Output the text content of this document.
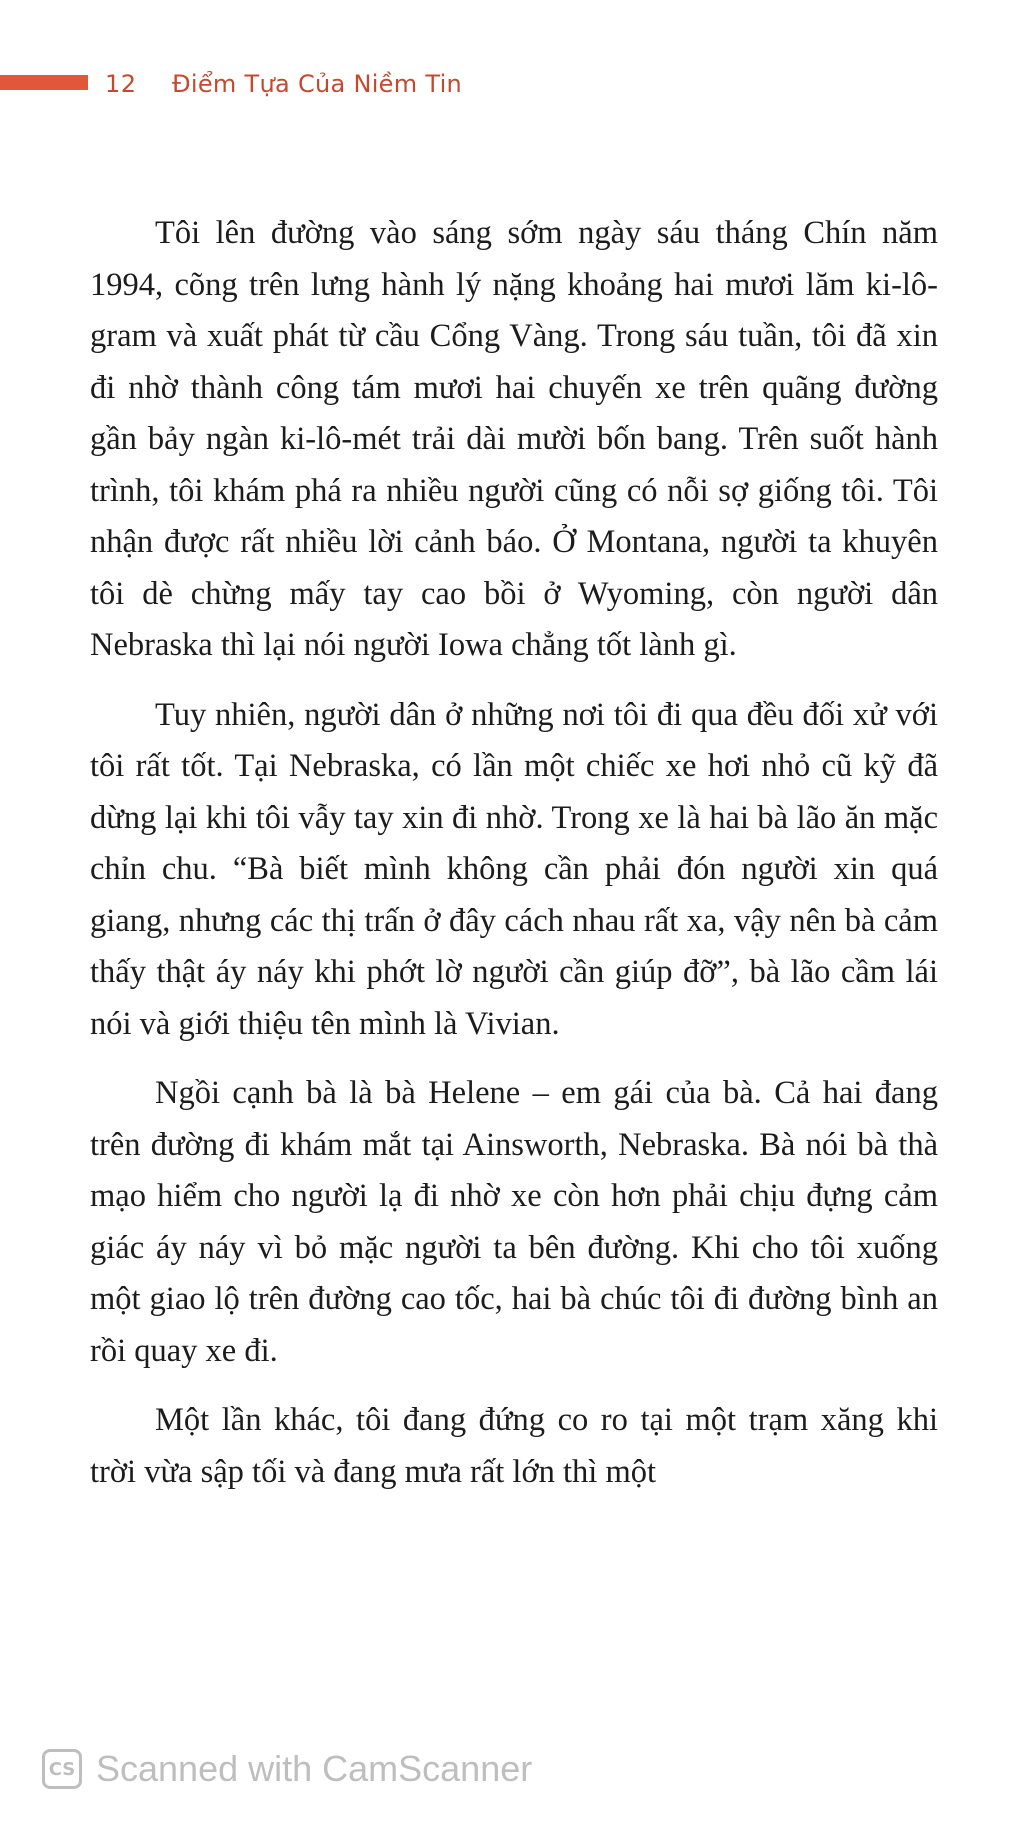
12 Điểm Tựa Của Niềm Tin

Tôi lên đường vào sáng sớm ngày sáu tháng Chín năm 1994, cõng trên lưng hành lý nặng khoảng hai mươi lăm ki-lô-gram và xuất phát từ cầu Cổng Vàng. Trong sáu tuần, tôi đã xin đi nhờ thành công tám mươi hai chuyến xe trên quãng đường gần bảy ngàn ki-lô-mét trải dài mười bốn bang. Trên suốt hành trình, tôi khám phá ra nhiều người cũng có nỗi sợ giống tôi. Tôi nhận được rất nhiều lời cảnh báo. Ở Montana, người ta khuyên tôi dè chừng mấy tay cao bồi ở Wyoming, còn người dân Nebraska thì lại nói người Iowa chẳng tốt lành gì.

Tuy nhiên, người dân ở những nơi tôi đi qua đều đối xử với tôi rất tốt. Tại Nebraska, có lần một chiếc xe hơi nhỏ cũ kỹ đã dừng lại khi tôi vẫy tay xin đi nhờ. Trong xe là hai bà lão ăn mặc chỉn chu. “Bà biết mình không cần phải đón người xin quá giang, nhưng các thị trấn ở đây cách nhau rất xa, vậy nên bà cảm thấy thật áy náy khi phớt lờ người cần giúp đỡ”, bà lão cầm lái nói và giới thiệu tên mình là Vivian.

Ngồi cạnh bà là bà Helene – em gái của bà. Cả hai đang trên đường đi khám mắt tại Ainsworth, Nebraska. Bà nói bà thà mạo hiểm cho người lạ đi nhờ xe còn hơn phải chịu đựng cảm giác áy náy vì bỏ mặc người ta bên đường. Khi cho tôi xuống một giao lộ trên đường cao tốc, hai bà chúc tôi đi đường bình an rồi quay xe đi.

Một lần khác, tôi đang đứng co ro tại một trạm xăng khi trời vừa sập tối và đang mưa rất lớn thì một

CS Scanned with CamScanner
